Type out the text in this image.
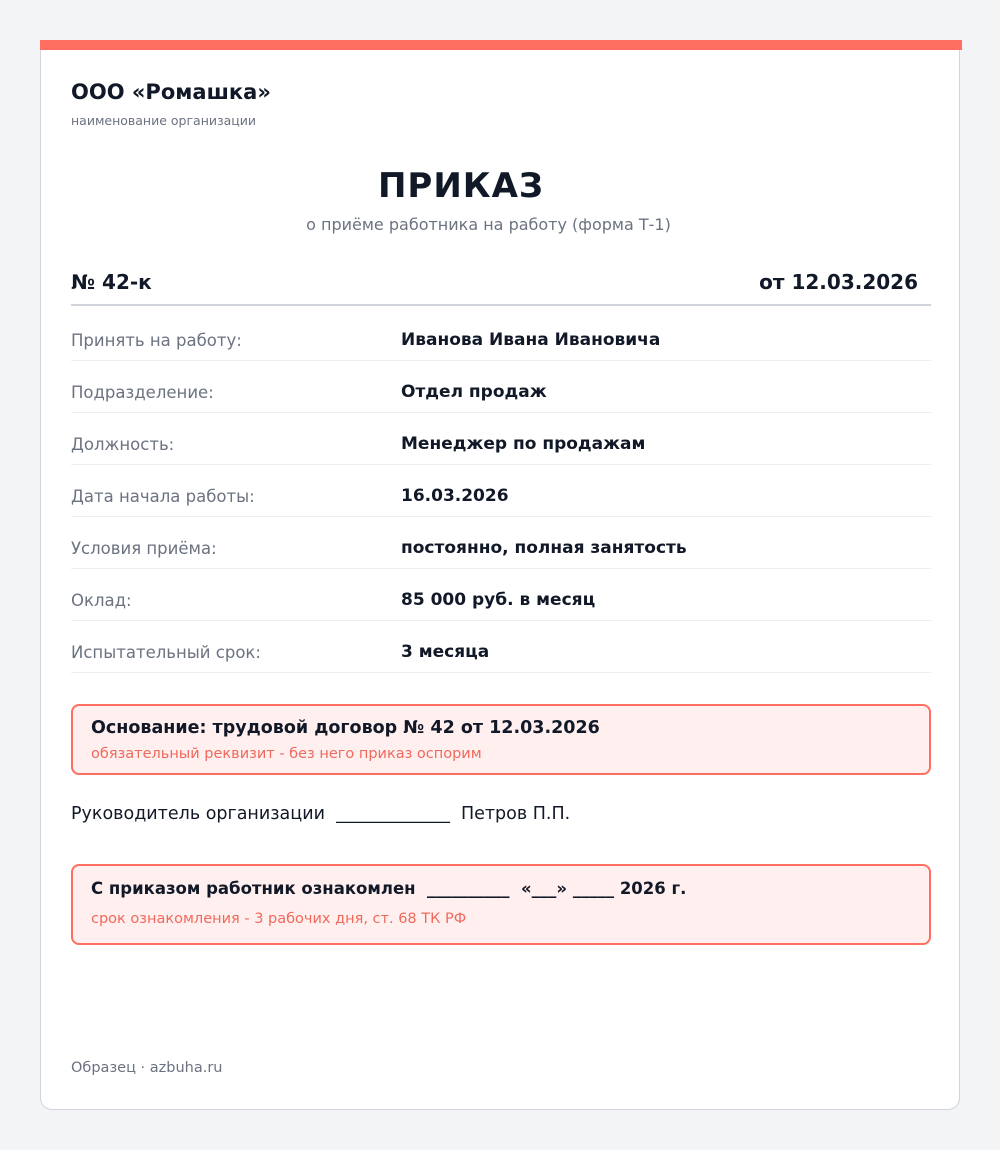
ООО «Ромашка»
наименование организации
ПРИКАЗ
о приёме работника на работу (форма Т-1)
№ 42-к	от 12.03.2026
Принять на работу:	Иванова Ивана Ивановича
Подразделение:	Отдел продаж
Должность:	Менеджер по продажам
Дата начала работы:	16.03.2026
Условия приёма:	постоянно, полная занятость
Оклад:	85 000 руб. в месяц
Испытательный срок:	3 месяца
Основание: трудовой договор № 42 от 12.03.2026
обязательный реквизит - без него приказ оспорим
Руководитель организации  _____________  Петров П.П.
С приказом работник ознакомлен  __________  «___» _____ 2026 г.
срок ознакомления - 3 рабочих дня, ст. 68 ТК РФ
Образец · azbuha.ru
